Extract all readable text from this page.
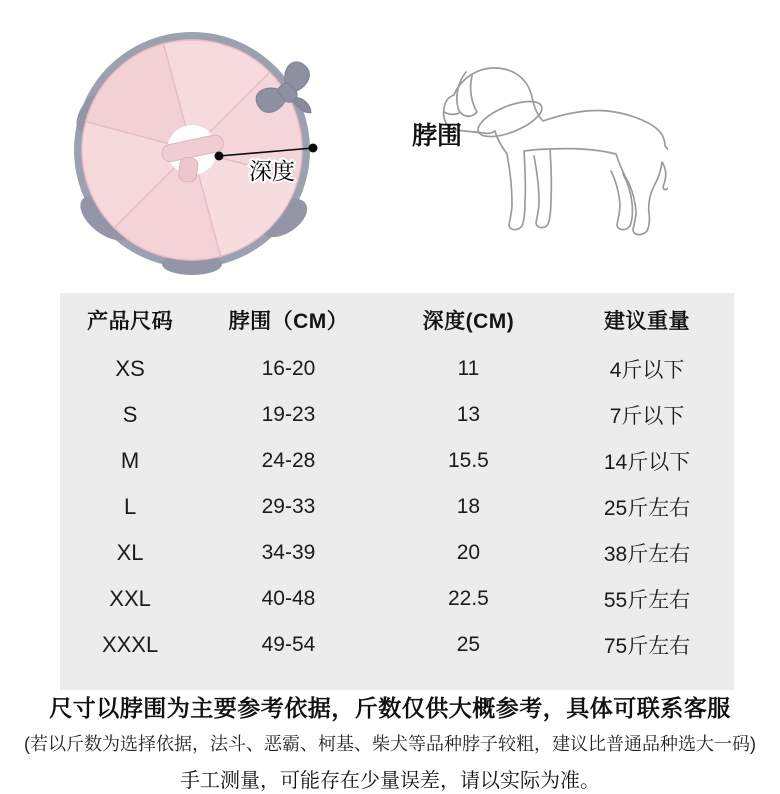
深度
脖围
产品尺码	脖围（CM）	深度(CM)	建议重量
XS	16-20	11	4斤以下
S	19-23	13	7斤以下
M	24-28	15.5	14斤以下
L	29-33	18	25斤左右
XL	34-39	20	38斤左右
XXL	40-48	22.5	55斤左右
XXXL	49-54	25	75斤左右

尺寸以脖围为主要参考依据，斤数仅供大概参考，具体可联系客服

(若以斤数为选择依据，法斗、恶霸、柯基、柴犬等品种脖子较粗，建议比普通品种选大一码)

手工测量，可能存在少量误差，请以实际为准。
